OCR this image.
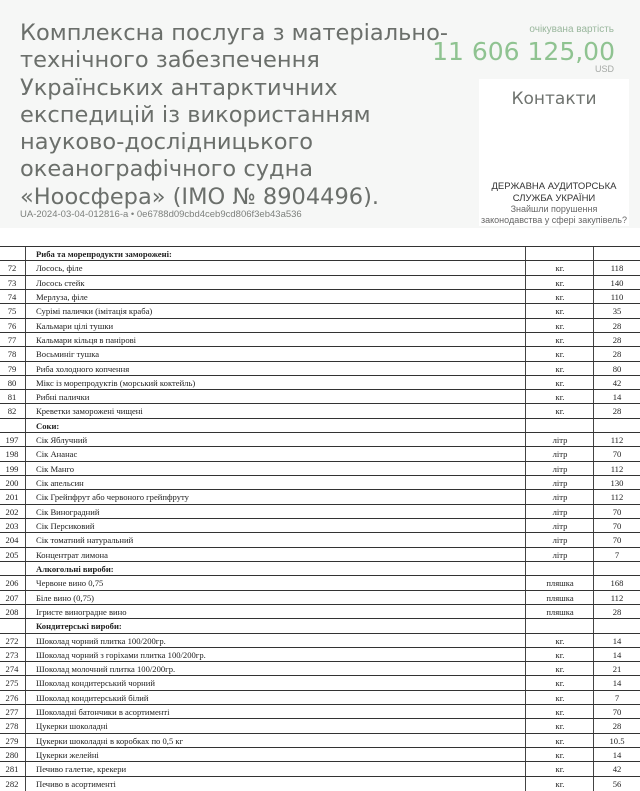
Комплексна послуга з матеріально-технічного забезпечення Українських антарктичних експедицій із використанням науково-дослідницького океанографічного судна «Ноосфера» (IMO № 8904496).
UA-2024-03-04-012816-a • 0e6788d09cbd4ceb9cd806f3eb43a536
очікувана вартість
11 606 125,00
USD
Контакти
ДЕРЖАВНА АУДИТОРСЬКА СЛУЖБА УКРАЇНИ
Знайшли порушення законодавства у сфері закупівель?
Риба та морепродукти заморожені:
72	Лосось, філе	кг.	118
73	Лосось стейк	кг.	140
74	Мерлуза, філе	кг.	110
75	Сурімі палички (імітація краба)	кг.	35
76	Кальмари цілі тушки	кг.	28
77	Кальмари кільця в панірові	кг.	28
78	Восьминіг тушка	кг.	28
79	Риба холодного копчення	кг.	80
80	Мікс із морепродуктів (морський коктейль)	кг.	42
81	Рибні палички	кг.	14
82	Креветки заморожені чищені	кг.	28
Соки:
197 Сік Яблучний	літр	112
198 Сік Ананас	літр	70
199 Сік Манго	літр	112
200 Сік апельсин	літр	130
201 Сік Грейпфрут або червоного грейпфруту	літр	112
202 Сік Виноградний	літр	70
203 Сік Персиковий	літр	70
204 Сік томатний натуральний	літр	70
205 Концентрат лимона	літр	7
Алкогольні вироби:
206 Червоне вино 0,75	пляшка	168
207 Біле вино (0,75)	пляшка	112
208 Ігристе виноградне вино	пляшка	28
Кондитерські вироби:
272 Шоколад чорний плитка 100/200гр.	кг.	14
273 Шоколад чорний з горіхами плитка 100/200гр.	кг.	14
274 Шоколад молочний плитка 100/200гр.	кг.	21
275 Шоколад кондитерський чорний	кг.	14
276 Шоколад кондитерський білий	кг.	7
277 Шоколадні батончики в асортименті	кг.	70
278 Цукерки шоколадні	кг.	28
279 Цукерки шоколадні в коробках по 0,5 кг	кг.	10.5
280 Цукерки желейні	кг.	14
281 Печиво галетне, крекери	кг.	42
282 Печиво в асортименті	кг.	56
